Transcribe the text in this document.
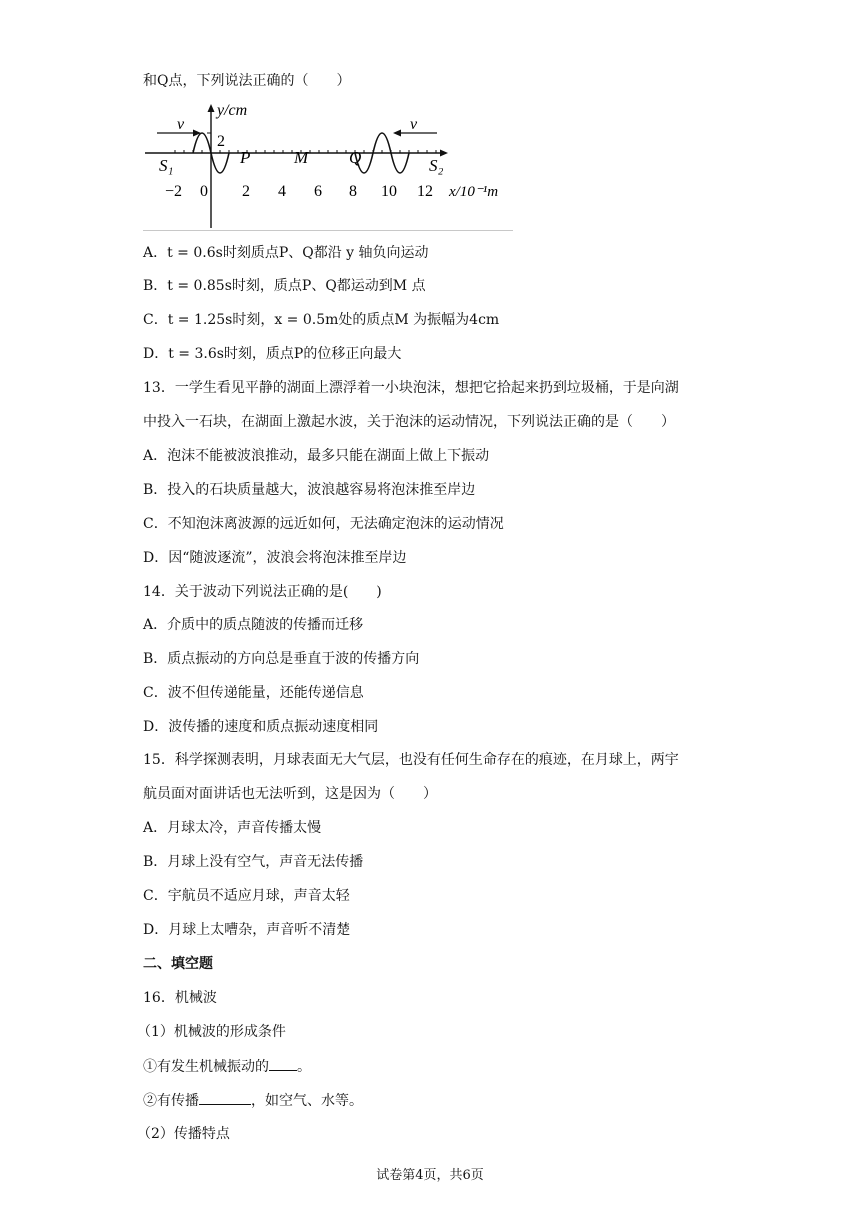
和Q点，下列说法正确的（　　）
y/cm
x/10⁻¹m
2
v	v
S₁	P	M Q	S₂
−2 0 2 4 6 8 10 12
A．t = 0.6s时刻质点P、Q都沿 y 轴负向运动
B．t = 0.85s时刻，质点P、Q都运动到M 点
C．t = 1.25s时刻，x = 0.5m处的质点M 为振幅为4cm
D．t = 3.6s时刻，质点P的位移正向最大
13．一学生看见平静的湖面上漂浮着一小块泡沫，想把它拾起来扔到垃圾桶，于是向湖
中投入一石块，在湖面上激起水波，关于泡沫的运动情况，下列说法正确的是（　　）
A．泡沫不能被波浪推动，最多只能在湖面上做上下振动
B．投入的石块质量越大，波浪越容易将泡沫推至岸边
C．不知泡沫离波源的远近如何，无法确定泡沫的运动情况
D．因“随波逐流”，波浪会将泡沫推至岸边
14．关于波动下列说法正确的是(　　)
A．介质中的质点随波的传播而迁移
B．质点振动的方向总是垂直于波的传播方向
C．波不但传递能量，还能传递信息
D．波传播的速度和质点振动速度相同
15．科学探测表明，月球表面无大气层，也没有任何生命存在的痕迹，在月球上，两宇
航员面对面讲话也无法听到，这是因为（　　）
A．月球太冷，声音传播太慢
B．月球上没有空气，声音无法传播
C．宇航员不适应月球，声音太轻
D．月球上太嘈杂，声音听不清楚
二、填空题
16．机械波
（1）机械波的形成条件
①有发生机械振动的 。
②有传播	，如空气、水等。
（2）传播特点
试卷第4页，共6页
